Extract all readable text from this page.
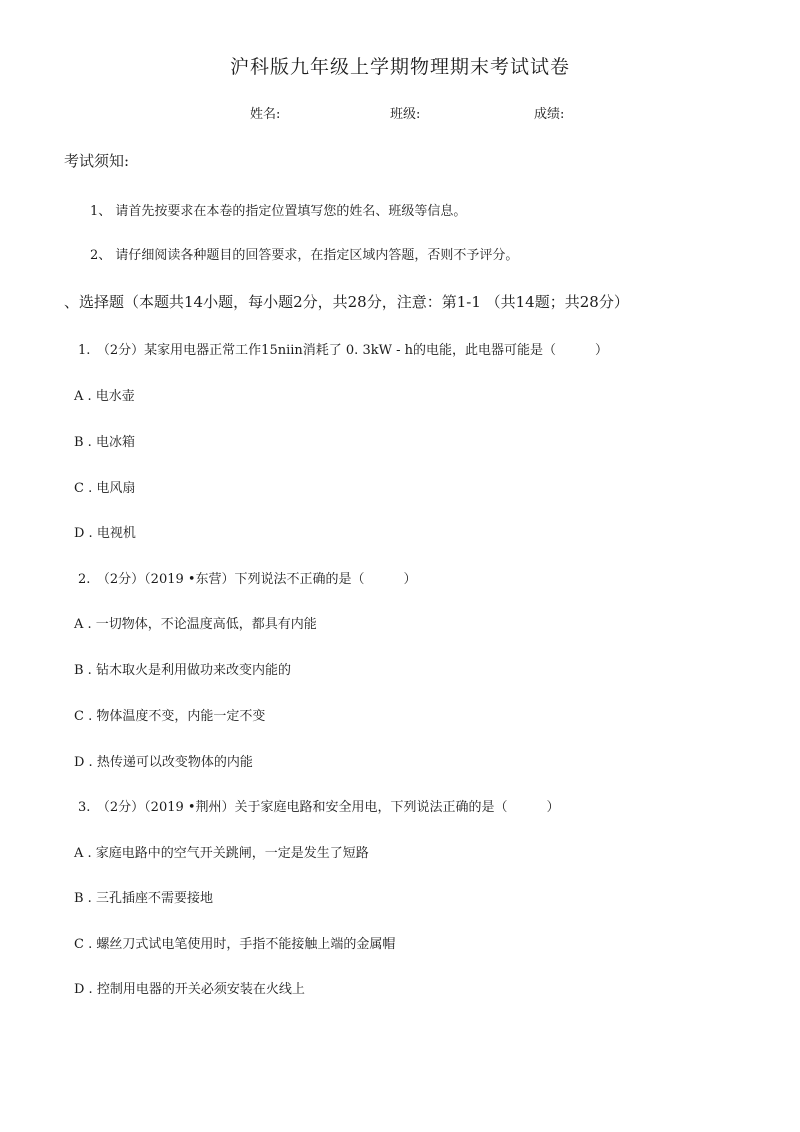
沪科版九年级上学期物理期末考试试卷
姓名:	班级:	成绩:
考试须知:
1、 请首先按要求在本卷的指定位置填写您的姓名、班级等信息。
2、 请仔细阅读各种题目的回答要求，在指定区域内答题，否则不予评分。
、选择题（本题共14小题，每小题2分，共28分，注意：第1-1 （共14题；共28分）
1.　（2分）某家用电器正常工作15niin消耗了 0. 3kW - h的电能，此电器可能是（　　　）
A . 电水壶
B . 电冰箱
C . 电风扇
D . 电视机
2.　（2分）（2019 •东营）下列说法不正确的是（　　　）
A . 一切物体，不论温度高低，都具有内能
B . 钻木取火是利用做功来改变内能的
C . 物体温度不变，内能一定不变
D . 热传递可以改变物体的内能
3.　（2分）（2019 •荆州）关于家庭电路和安全用电，下列说法正确的是（　　　）
A . 家庭电路中的空气开关跳闸，一定是发生了短路
B . 三孔插座不需要接地
C . 螺丝刀式试电笔使用时，手指不能接触上端的金属帽
D . 控制用电器的开关必须安装在火线上
